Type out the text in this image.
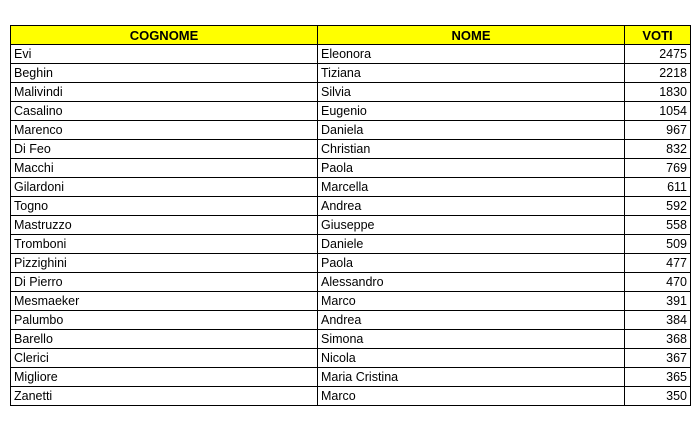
COGNOME	NOME	VOTI
Evi	Eleonora	2475
Beghin	Tiziana	2218
Malivindi	Silvia	1830
Casalino	Eugenio	1054
Marenco	Daniela	967
Di Feo	Christian	832
Macchi	Paola	769
Gilardoni	Marcella	611
Togno	Andrea	592
Mastruzzo	Giuseppe	558
Tromboni	Daniele	509
Pizzighini	Paola	477
Di Pierro	Alessandro	470
Mesmaeker	Marco	391
Palumbo	Andrea	384
Barello	Simona	368
Clerici	Nicola	367
Migliore	Maria Cristina	365
Zanetti	Marco	350
